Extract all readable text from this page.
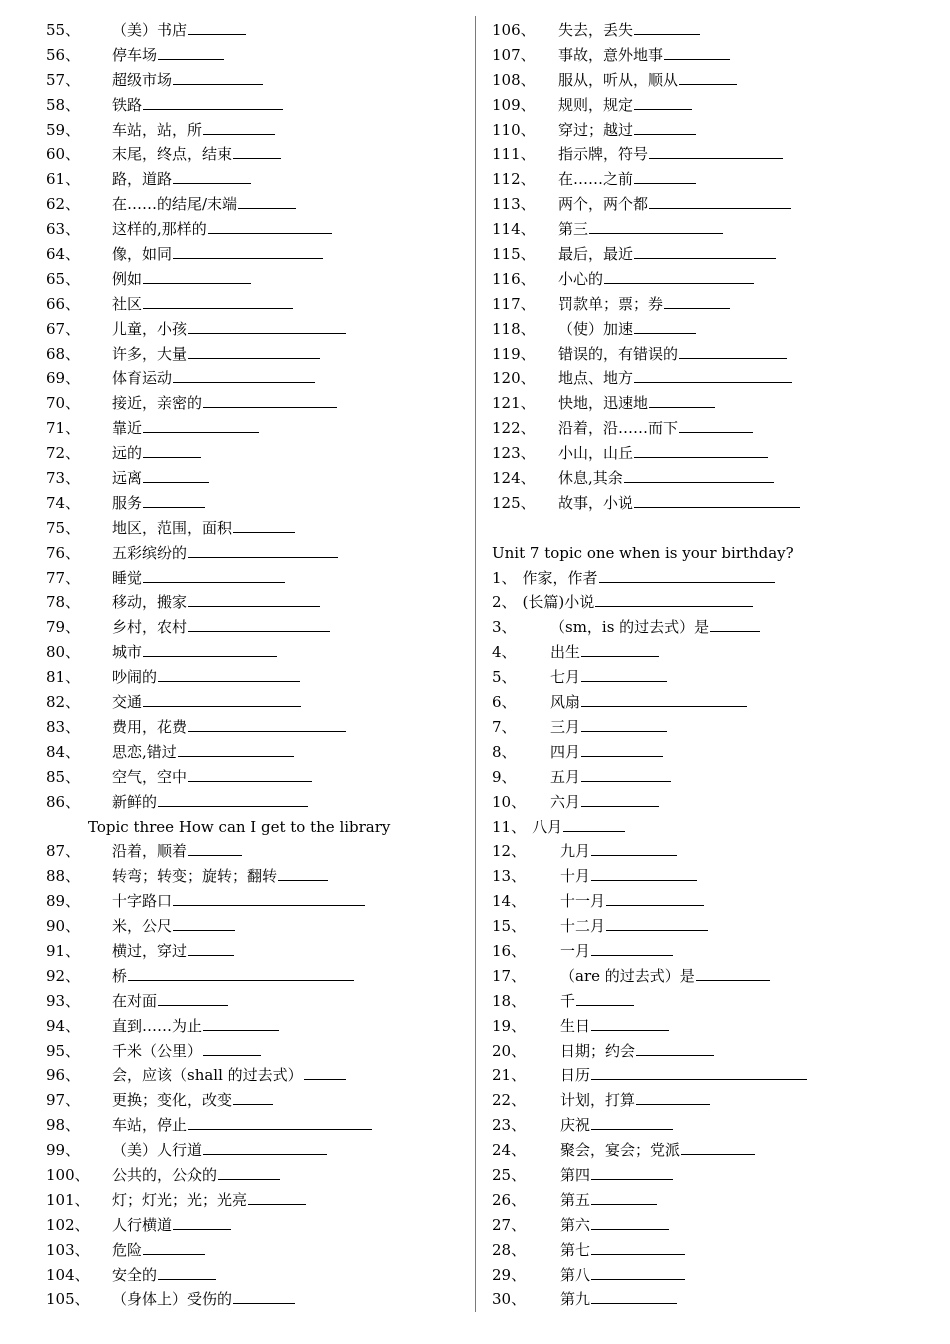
55、 （美）书店
56、 停车场
57、 超级市场
58、 铁路
59、 车站，站，所
60、 末尾，终点，结束
61、 路，道路
62、 在……的结尾/末端
63、 这样的,那样的
64、 像，如同
65、 例如
66、 社区
67、 儿童，小孩
68、 许多，大量
69、 体育运动
70、 接近，亲密的
71、 靠近
72、 远的
73、 远离
74、 服务
75、 地区，范围，面积
76、 五彩缤纷的
77、 睡觉
78、 移动，搬家
79、 乡村，农村
80、 城市
81、 吵闹的
82、 交通
83、 费用，花费
84、 思恋,错过
85、 空气，空中
86、 新鲜的
Topic three How can I get to the library
87、 沿着，顺着
88、 转弯；转变；旋转；翻转
89、 十字路口
90、 米，公尺
91、 横过，穿过
92、 桥
93、 在对面
94、 直到……为止
95、 千米（公里）
96、 会，应该（shall 的过去式）
97、 更换；变化，改变
98、 车站，停止
99、 （美）人行道
100、 公共的，公众的
101、 灯；灯光；光；光亮
102、 人行横道
103、 危险
104、 安全的
105、 （身体上）受伤的
106、 失去，丢失
107、 事故，意外地事
108、 服从，听从，顺从
109、 规则，规定
110、 穿过；越过
111、 指示牌，符号
112、 在……之前
113、 两个，两个都
114、 第三
115、 最后，最近
116、 小心的
117、 罚款单；票；券
118、 （使）加速
119、 错误的，有错误的
120、 地点、地方
121、 快地，迅速地
122、 沿着，沿……而下
123、 小山，山丘
124、 休息,其余
125、 故事，小说
Unit 7 topic one when is your birthday?
1、 作家，作者
2、 (长篇)小说
3、 （sm，is 的过去式）是
4、 出生
5、 七月
6、 风扇
7、 三月
8、 四月
9、 五月
10、 六月
11、 八月
12、 九月
13、 十月
14、 十一月
15、 十二月
16、 一月
17、 （are 的过去式）是
18、 千
19、 生日
20、 日期；约会
21、 日历
22、 计划，打算
23、 庆祝
24、 聚会，宴会；党派
25、 第四
26、 第五
27、 第六
28、 第七
29、 第八
30、 第九
